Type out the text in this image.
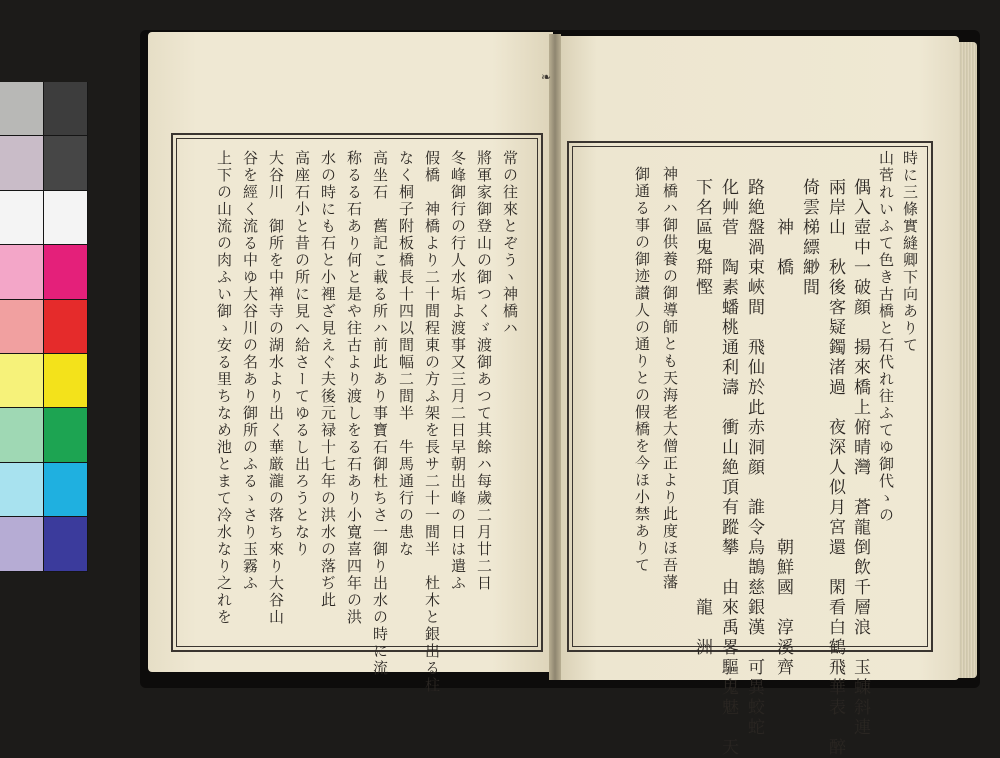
❧
時に三條實縫卿下向ありて
山菅れいふて色き古橋と石代れ往ふてゆ御代ゝの
偶入壺中一破顔　揚來橋上俯晴灣　蒼龍倒飲千層浪　玉蝀斜連
兩岸山　秋後客疑鐲渚過　夜深人似月宮還　閑看白鶴飛華表　醉
倚雲梯縹緲間
神　橋　　　　　　　　　　　　　朝鮮國　淳溪齊
路絶盤渦束峽間　飛仙於此赤洞顔　誰令烏鵲慈銀漢　可異蛟蛇
化艸菅　陶素蟠桃通利濤　衝山絶頂有蹤攀　由來禹畧驅鬼魅　天
下名區鬼搿慳　　　　　　　　　　　　　　　龍　洲
神橋ハ御供養の御導師とも天海老大僧正より此度ほ吾藩
御通る事の御迹讃人の通りとの假橋を今ほ小禁ありて
常の往來とぞうヽ神橋ハ
將軍家御登山の御つくゞ渡御あつて其餘ハ每歲二月廿二日
冬峰御行の行人水垢よ渡事又三月二日早朝出峰の日は遣ふ
假橋　神橋より二十間程東の方ふ架を長サ二十一間半　杜木と銀出る柱
なく桐子附板橋長十四以間幅二間半　牛馬通行の患な
高坐石　舊記こ載る所ハ前此あり事寶石御杜ちさ一御り出水の時に流
称るる石あり何と是や往古より渡しをる石あり小寛喜四年の洪
水の時にも石と小裡ざ見えぐ夫後元禄十七年の洪水の落ぢ此
高座石小と昔の所に見へ給さーてゆるし出ろうとなり
大谷川　御所を中禅寺の湖水より出く華厳瀧の落ち來り大谷山
谷を經く流る中ゆ大谷川の名あり御所のふるゝさり玉霧ふ
上下の山流の肉ふい御ゝ安る里ちなめ池とまて冷水なり之れを
